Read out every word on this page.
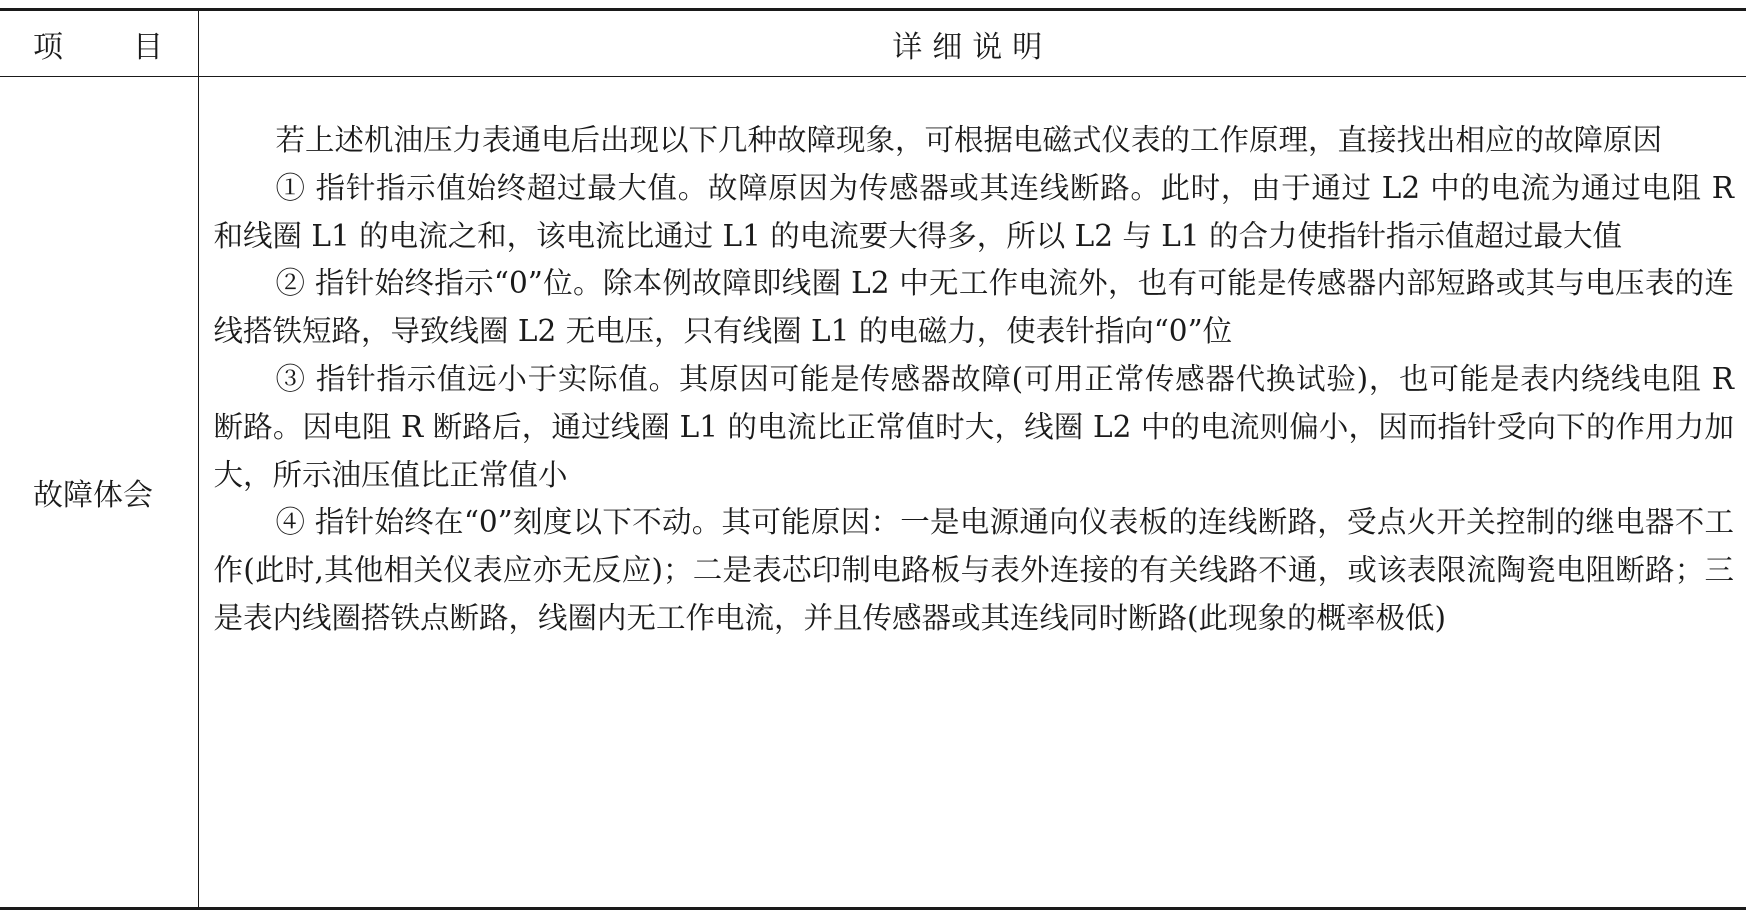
项 目	详细说明
故障体会	若上述机油压力表通电后出现以下几种故障现象，可根据电磁式仪表的工作原理，直接找出相应的故障原因

① 指针指示值始终超过最大值。故障原因为传感器或其连线断路。此时，由于通过 L2 中的电流为通过电阻 R 和线圈 L1 的电流之和，该电流比通过 L1 的电流要大得多，所以 L2 与 L1 的合力使指针指示值超过最大值

② 指针始终指示“0”位。除本例故障即线圈 L2 中无工作电流外，也有可能是传感器内部短路或其与电压表的连线搭铁短路，导致线圈 L2 无电压，只有线圈 L1 的电磁力，使表针指向“0”位

③ 指针指示值远小于实际值。其原因可能是传感器故障(可用正常传感器代换试验)，也可能是表内绕线电阻 R 断路。因电阻 R 断路后，通过线圈 L1 的电流比正常值时大，线圈 L2 中的电流则偏小，因而指针受向下的作用力加大，所示油压值比正常值小

④ 指针始终在“0”刻度以下不动。其可能原因：一是电源通向仪表板的连线断路，受点火开关控制的继电器不工作(此时,其他相关仪表应亦无反应)；二是表芯印制电路板与表外连接的有关线路不通，或该表限流陶瓷电阻断路；三是表内线圈搭铁点断路，线圈内无工作电流，并且传感器或其连线同时断路(此现象的概率极低)
